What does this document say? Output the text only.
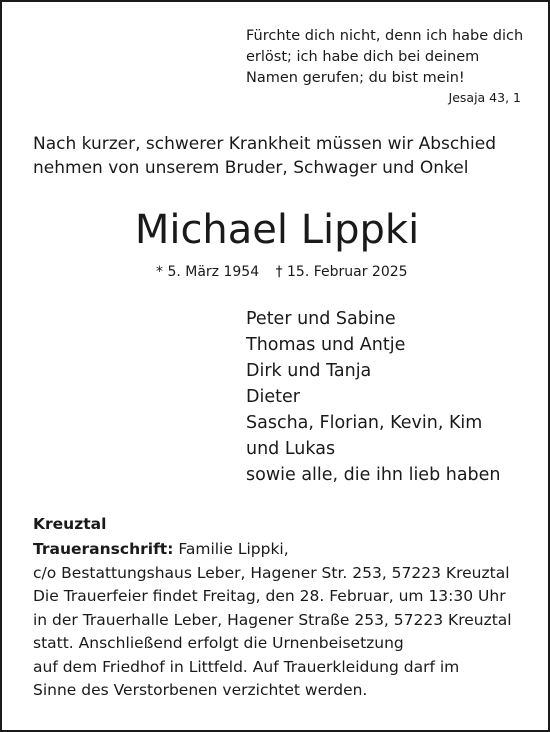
Fürchte dich nicht, denn ich habe dich
erlöst; ich habe dich bei deinem
Namen gerufen; du bist mein!
Jesaja 43, 1
Nach kurzer, schwerer Krankheit müssen wir Abschied
nehmen von unserem Bruder, Schwager und Onkel
Michael Lippki
* 5. März 1954 † 15. Februar 2025
Peter und Sabine
Thomas und Antje
Dirk und Tanja
Dieter
Sascha, Florian, Kevin, Kim
und Lukas
sowie alle, die ihn lieb haben
Kreuztal
Traueranschrift: Familie Lippki,
c/o Bestattungshaus Leber, Hagener Str. 253, 57223 Kreuztal
Die Trauerfeier findet Freitag, den 28. Februar, um 13:30 Uhr
in der Trauerhalle Leber, Hagener Straße 253, 57223 Kreuztal
statt. Anschließend erfolgt die Urnenbeisetzung
auf dem Friedhof in Littfeld. Auf Trauerkleidung darf im
Sinne des Verstorbenen verzichtet werden.
